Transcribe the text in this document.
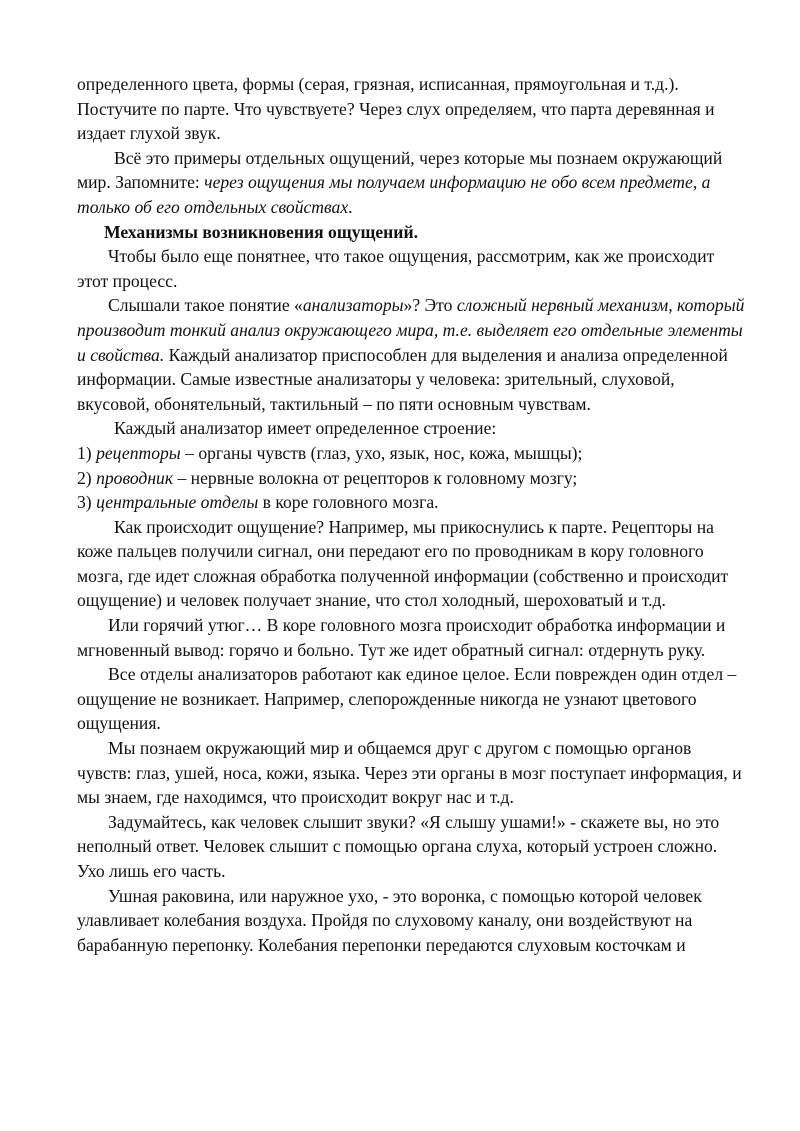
определенного цвета, формы (серая, грязная, исписанная, прямоугольная и т.д.). Постучите по парте. Что чувствуете? Через слух определяем, что парта деревянная и издает глухой звук.

Всё это примеры отдельных ощущений, через которые мы познаем окружающий мир. Запомните: через ощущения мы получаем информацию не обо всем предмете, а только об его отдельных свойствах.

Механизмы возникновения ощущений.

Чтобы было еще понятнее, что такое ощущения, рассмотрим, как же происходит этот процесс.

Слышали такое понятие «анализаторы»? Это сложный нервный механизм, который производит тонкий анализ окружающего мира, т.е. выделяет его отдельные элементы и свойства. Каждый анализатор приспособлен для выделения и анализа определенной информации. Самые известные анализаторы у человека: зрительный, слуховой, вкусовой, обонятельный, тактильный – по пяти основным чувствам.

Каждый анализатор имеет определенное строение:

1) рецепторы – органы чувств (глаз, ухо, язык, нос, кожа, мышцы);

2) проводник – нервные волокна от рецепторов к головному мозгу;

3) центральные отделы в коре головного мозга.

Как происходит ощущение? Например, мы прикоснулись к парте. Рецепторы на коже пальцев получили сигнал, они передают его по проводникам в кору головного мозга, где идет сложная обработка полученной информации (собственно и происходит ощущение) и человек получает знание, что стол холодный, шероховатый и т.д.

Или горячий утюг… В коре головного мозга происходит обработка информации и мгновенный вывод: горячо и больно. Тут же идет обратный сигнал: отдернуть руку.

Все отделы анализаторов работают как единое целое. Если поврежден один отдел – ощущение не возникает. Например, слепорожденные никогда не узнают цветового ощущения.

Мы познаем окружающий мир и общаемся друг с другом с помощью органов чувств: глаз, ушей, носа, кожи, языка. Через эти органы в мозг поступает информация, и мы знаем, где находимся, что происходит вокруг нас и т.д.

Задумайтесь, как человек слышит звуки? «Я слышу ушами!» - скажете вы, но это неполный ответ. Человек слышит с помощью органа слуха, который устроен сложно. Ухо лишь его часть.

Ушная раковина, или наружное ухо, - это воронка, с помощью которой человек улавливает колебания воздуха. Пройдя по слуховому каналу, они воздействуют на барабанную перепонку. Колебания перепонки передаются слуховым косточкам и
